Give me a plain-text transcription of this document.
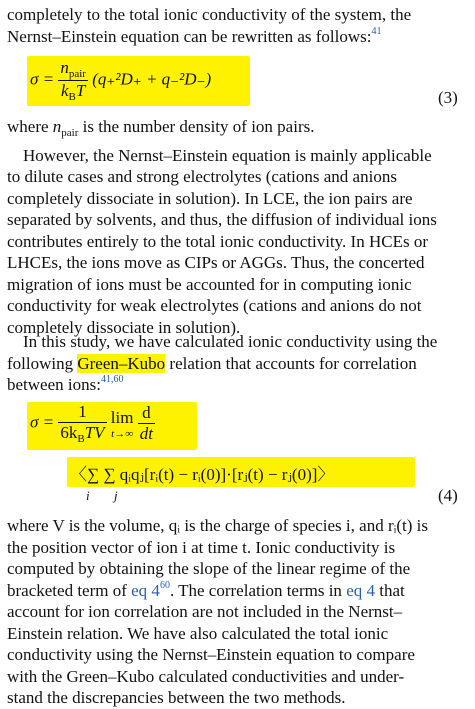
completely to the total ionic conductivity of the system, the
Nernst–Einstein equation can be rewritten as follows:$^{41}$
$\sigma = \frac{n_{pair}}{k_BT} (q_+^2D_+ + q_-^2D_-)$
(3)
where $n_{pair}$ is the number density of ion pairs.
However, the Nernst–Einstein equation is mainly applicable
to dilute cases and strong electrolytes (cations and anions
completely dissociate in solution). In LCE, the ion pairs are
separated by solvents, and thus, the diffusion of individual ions
contributes entirely to the total ionic conductivity. In HCEs or
LHCEs, the ions move as CIPs or AGGs. Thus, the concerted
migration of ions must be accounted for in computing ionic
conductivity for weak electrolytes (cations and anions do not
completely dissociate in solution).
In this study, we have calculated ionic conductivity using the
following Green–Kubo relation that accounts for correlation
between ions:$^{41,60}$
$\sigma = \frac{1}{6k_BTV}$
lim
t→∞
$\frac{d}{dt}$
〈∑ ∑ qᵢqⱼ[rᵢ(t) − rᵢ(0)]·[rⱼ(t) − rⱼ(0)]〉
i j	(4)
where V is the volume, qᵢ is the charge of species i, and rᵢ(t) is
the position vector of ion i at time t. Ionic conductivity is
computed by obtaining the slope of the linear regime of the
bracketed term of eq 4$^{60}$. The correlation terms in eq 4 that
account for ion correlation are not included in the Nernst–
Einstein relation. We have also calculated the total ionic
conductivity using the Nernst–Einstein equation to compare
with the Green–Kubo calculated conductivities and under-
stand the discrepancies between the two methods.
